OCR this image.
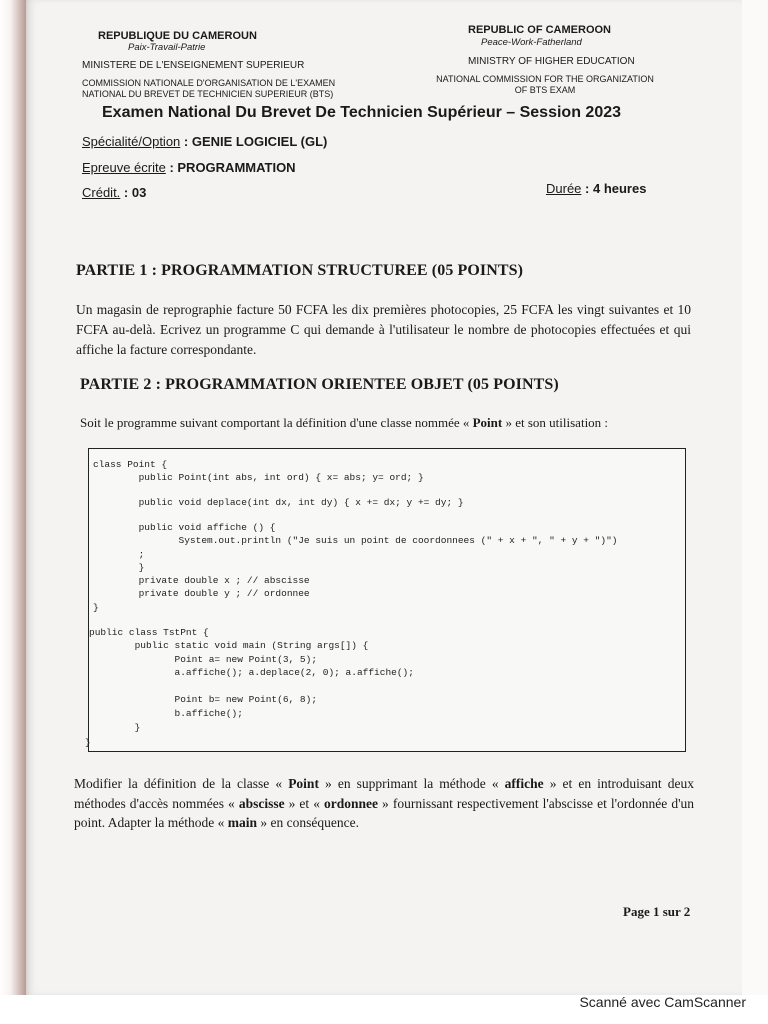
REPUBLIQUE DU CAMEROUN
Paix-Travail-Patrie
MINISTERE DE L'ENSEIGNEMENT SUPERIEUR
COMMISSION NATIONALE D'ORGANISATION DE L'EXAMEN
NATIONAL DU BREVET DE TECHNICIEN SUPERIEUR (BTS)
REPUBLIC OF CAMEROON
Peace-Work-Fatherland
MINISTRY OF HIGHER EDUCATION
NATIONAL COMMISSION FOR THE ORGANIZATION
OF BTS EXAM
Examen National Du Brevet De Technicien Supérieur – Session 2023
Spécialité/Option : GENIE LOGICIEL (GL)
Epreuve écrite : PROGRAMMATION
Crédit. : 03	Durée : 4 heures
PARTIE 1 : PROGRAMMATION STRUCTUREE (05 POINTS)
Un magasin de reprographie facture 50 FCFA les dix premières photocopies, 25 FCFA les vingt suivantes et 10 FCFA au-delà. Ecrivez un programme C qui demande à l'utilisateur le nombre de photocopies effectuées et qui affiche la facture correspondante.
PARTIE 2 : PROGRAMMATION ORIENTEE OBJET (05 POINTS)
Soit le programme suivant comportant la définition d'une classe nommée « Point » et son utilisation :
class Point {
public Point(int abs, int ord) { x= abs; y= ord; }
public void deplace(int dx, int dy) { x += dx; y += dy; }
public void affiche () {
System.out.println ("Je suis un point de coordonnees (" + x + ", " + y + ")")
;
}
private double x ; // abscisse
private double y ; // ordonnee
}
public class TstPnt {
public static void main (String args[]) {
Point a= new Point(3, 5);
a.affiche(); a.deplace(2, 0); a.affiche();
Point b= new Point(6, 8);
b.affiche();
}
}
Modifier la définition de la classe « Point » en supprimant la méthode « affiche » et en introduisant deux méthodes d'accès nommées « abscisse » et « ordonnee » fournissant respectivement l'abscisse et l'ordonnée d'un point. Adapter la méthode « main » en conséquence.
Page 1 sur 2
Scanné avec CamScanner
